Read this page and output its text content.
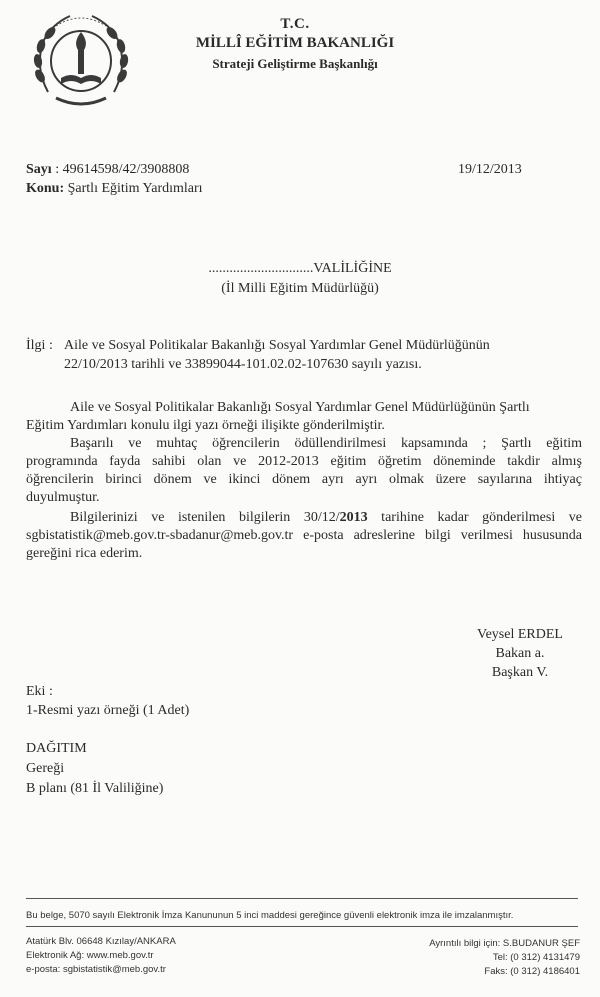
T.C.
MİLLÎ EĞİTİM BAKANLIĞI
Strateji Geliştirme Başkanlığı
Sayı : 49614598/42/3908808	19/12/2013
Konu: Şartlı Eğitim Yardımları
..............................VALİLİĞİNE
(İl Milli Eğitim Müdürlüğü)
İlgi : Aile ve Sosyal Politikalar Bakanlığı Sosyal Yardımlar Genel Müdürlüğünün
22/10/2013 tarihli ve 33899044-101.02.02-107630 sayılı yazısı.
Aile ve Sosyal Politikalar Bakanlığı Sosyal Yardımlar Genel Müdürlüğünün Şartlı
Eğitim Yardımları konulu ilgi yazı örneği ilişikte gönderilmiştir.
Başarılı ve muhtaç öğrencilerin ödüllendirilmesi kapsamında ; Şartlı eğitim
programında fayda sahibi olan ve 2012-2013 eğitim öğretim döneminde takdir almış
öğrencilerin birinci dönem ve ikinci dönem ayrı ayrı olmak üzere sayılarına ihtiyaç
duyulmuştur.
Bilgilerinizi ve istenilen bilgilerin 30/12/2013 tarihine kadar gönderilmesi ve
sgbistatistik@meb.gov.tr-sbadanur@meb.gov.tr e-posta adreslerine bilgi verilmesi hususunda
gereğini rica ederim.
Veysel ERDEL
Bakan a.
Başkan V.
Eki :
1-Resmi yazı örneği (1 Adet)
DAĞITIM
Gereği
B planı (81 İl Valiliğine)
Bu belge, 5070 sayılı Elektronik İmza Kanununun 5 inci maddesi gereğince güvenli elektronik imza ile imzalanmıştır.
Atatürk Blv. 06648 Kızılay/ANKARA
Elektronik Ağ: www.meb.gov.tr
e-posta: sgbistatistik@meb.gov.tr
Ayrıntılı bilgi için: S.BUDANUR ŞEF
Tel: (0 312) 4131479
Faks: (0 312) 4186401
